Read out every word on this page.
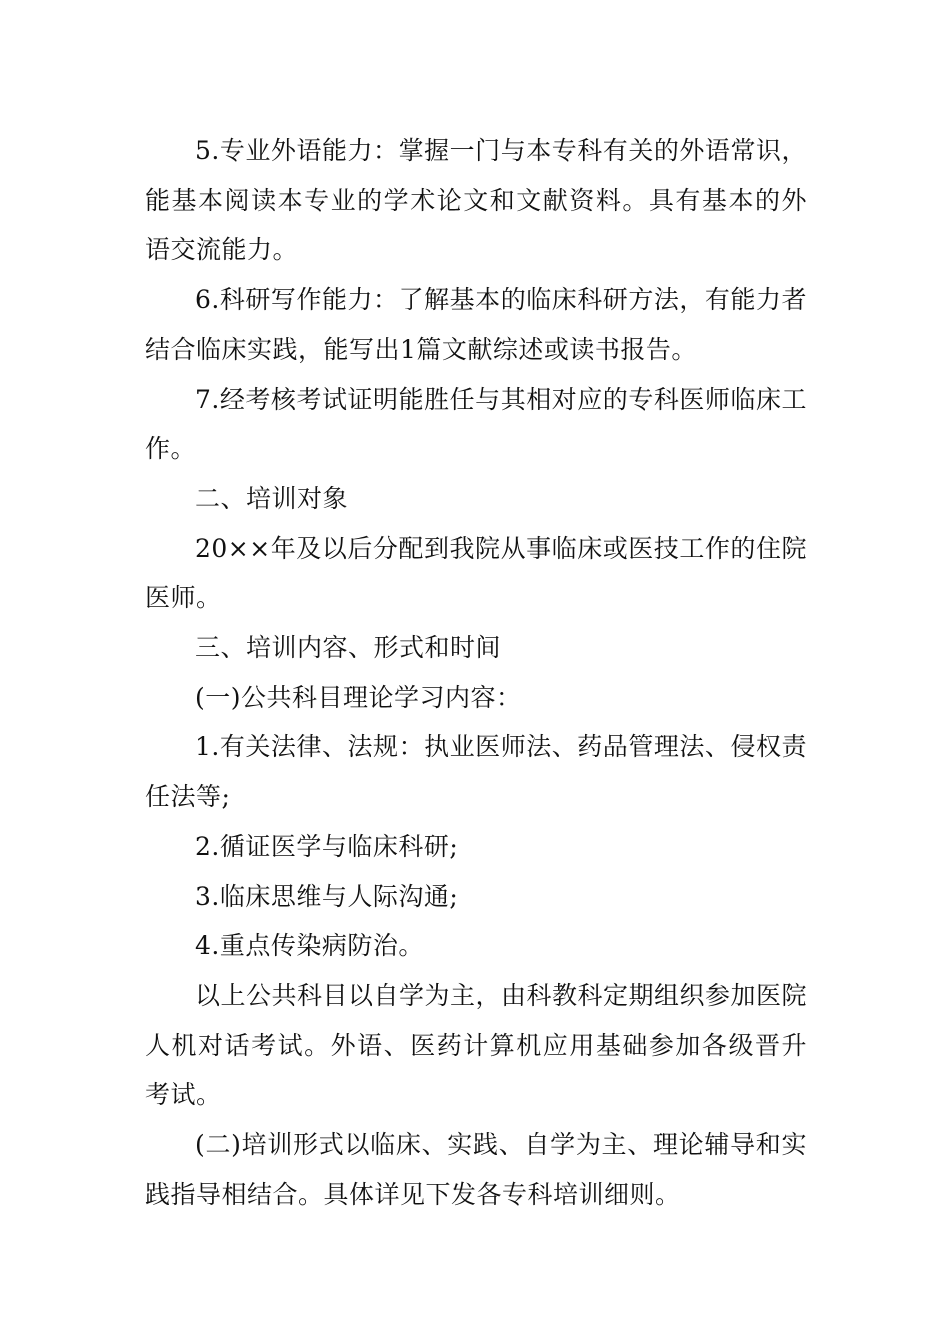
5.专业外语能力：掌握一门与本专科有关的外语常识，能基本阅读本专业的学术论文和文献资料。具有基本的外语交流能力。

6.科研写作能力：了解基本的临床科研方法，有能力者结合临床实践，能写出1篇文献综述或读书报告。

7.经考核考试证明能胜任与其相对应的专科医师临床工作。

二、培训对象

20××年及以后分配到我院从事临床或医技工作的住院医师。

三、培训内容、形式和时间

(一)公共科目理论学习内容：

1.有关法律、法规：执业医师法、药品管理法、侵权责任法等;

2.循证医学与临床科研;

3.临床思维与人际沟通;

4.重点传染病防治。

以上公共科目以自学为主，由科教科定期组织参加医院人机对话考试。外语、医药计算机应用基础参加各级晋升考试。

(二)培训形式以临床、实践、自学为主、理论辅导和实践指导相结合。具体详见下发各专科培训细则。
